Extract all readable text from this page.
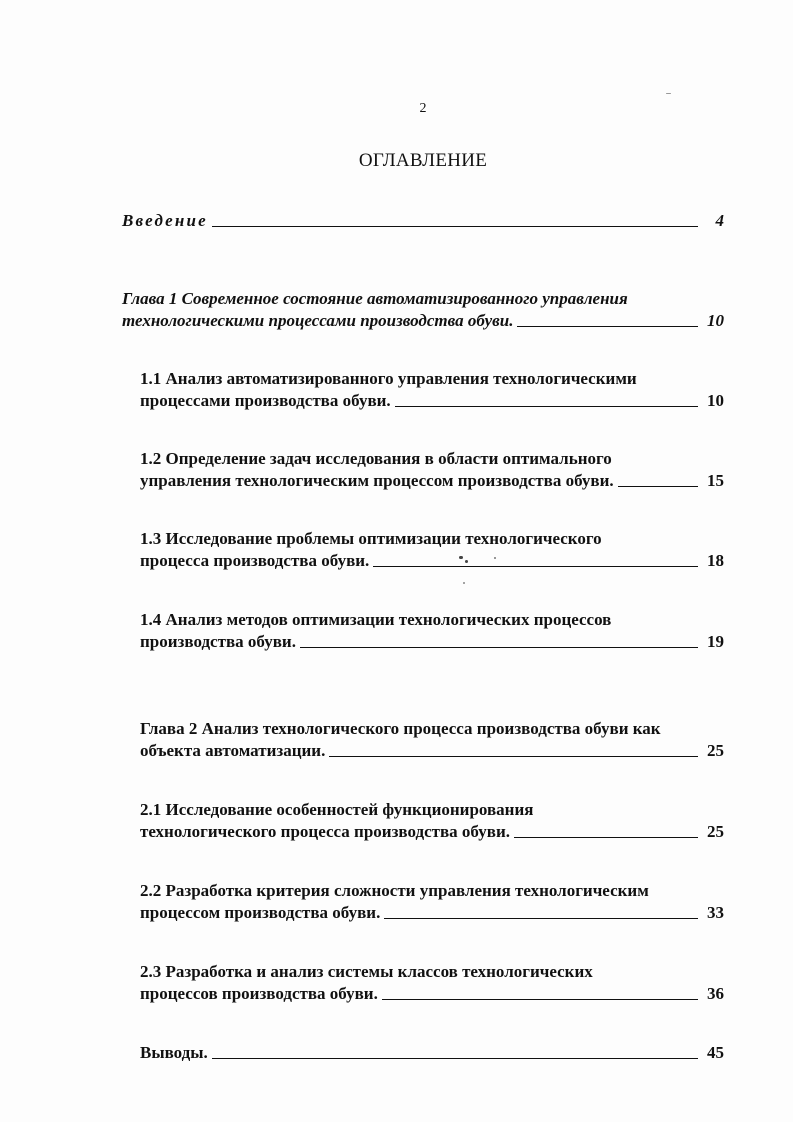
2
ОГЛАВЛЕНИЕ
Введение	4
Глава 1 Современное состояние автоматизированного управления
технологическими процессами производства обуви.	10
1.1 Анализ автоматизированного управления технологическими
процессами производства обуви.	10
1.2 Определение задач исследования в области оптимального
управления технологическим процессом производства обуви.	15
1.3 Исследование проблемы оптимизации технологического
процесса производства обуви.	18
1.4 Анализ методов оптимизации технологических процессов
производства обуви.	19
Глава 2 Анализ технологического процесса производства обуви как
объекта автоматизации.	25
2.1 Исследование особенностей функционирования
технологического процесса производства обуви.	25
2.2 Разработка критерия сложности управления технологическим
процессом производства обуви.	33
2.3 Разработка и анализ системы классов технологических
процессов производства обуви.	36
Выводы.	45
